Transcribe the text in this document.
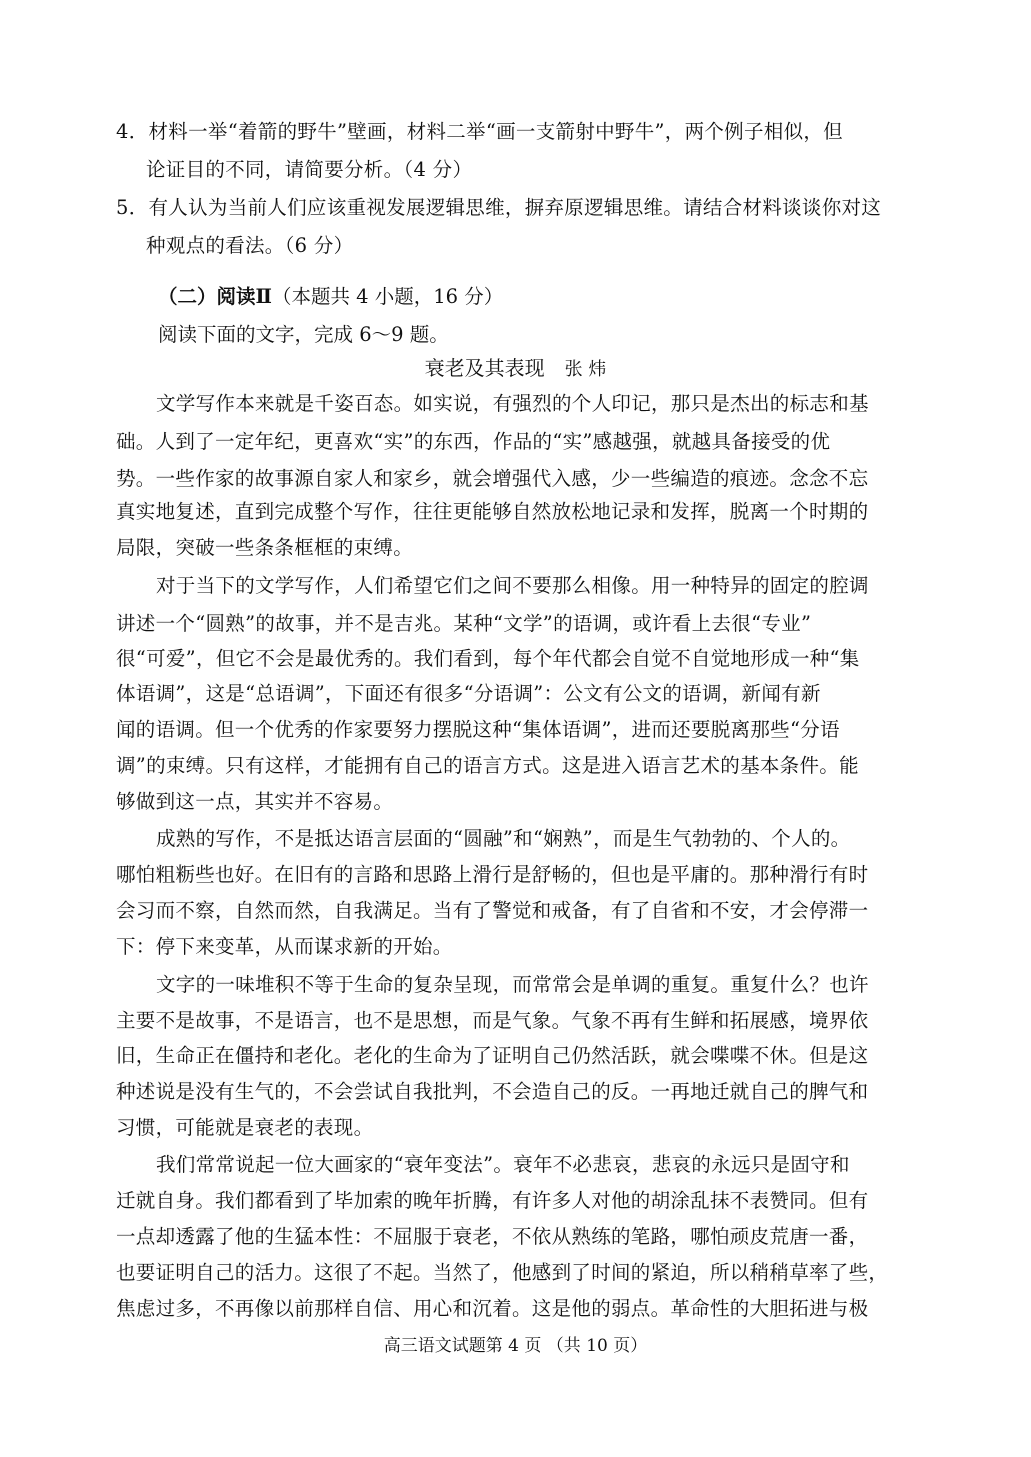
4．材料一举“着箭的野牛”壁画，材料二举“画一支箭射中野牛”，两个例子相似，但
论证目的不同，请简要分析。（4 分）
5．有人认为当前人们应该重视发展逻辑思维，摒弃原逻辑思维。请结合材料谈谈你对这
种观点的看法。（6 分）
（二）阅读Ⅱ（本题共 4 小题，16 分）
阅读下面的文字，完成 6～9 题。
衰老及其表现 张 炜
文学写作本来就是千姿百态。如实说，有强烈的个人印记，那只是杰出的标志和基
础。人到了一定年纪，更喜欢“实”的东西，作品的“实”感越强，就越具备接受的优
势。一些作家的故事源自家人和家乡，就会增强代入感，少一些编造的痕迹。念念不忘
真实地复述，直到完成整个写作，往往更能够自然放松地记录和发挥，脱离一个时期的
局限，突破一些条条框框的束缚。
对于当下的文学写作，人们希望它们之间不要那么相像。用一种特异的固定的腔调
讲述一个“圆熟”的故事，并不是吉兆。某种“文学”的语调，或许看上去很“专业”
很“可爱”，但它不会是最优秀的。我们看到，每个年代都会自觉不自觉地形成一种“集
体语调”，这是“总语调”，下面还有很多“分语调”：公文有公文的语调，新闻有新
闻的语调。但一个优秀的作家要努力摆脱这种“集体语调”，进而还要脱离那些“分语
调”的束缚。只有这样，才能拥有自己的语言方式。这是进入语言艺术的基本条件。能
够做到这一点，其实并不容易。
成熟的写作，不是抵达语言层面的“圆融”和“娴熟”，而是生气勃勃的、个人的。
哪怕粗粝些也好。在旧有的言路和思路上滑行是舒畅的，但也是平庸的。那种滑行有时
会习而不察，自然而然，自我满足。当有了警觉和戒备，有了自省和不安，才会停滞一
下：停下来变革，从而谋求新的开始。
文字的一味堆积不等于生命的复杂呈现，而常常会是单调的重复。重复什么？也许
主要不是故事，不是语言，也不是思想，而是气象。气象不再有生鲜和拓展感，境界依
旧，生命正在僵持和老化。老化的生命为了证明自己仍然活跃，就会喋喋不休。但是这
种述说是没有生气的，不会尝试自我批判，不会造自己的反。一再地迁就自己的脾气和
习惯，可能就是衰老的表现。
我们常常说起一位大画家的“衰年变法”。衰年不必悲哀，悲哀的永远只是固守和
迁就自身。我们都看到了毕加索的晚年折腾，有许多人对他的胡涂乱抹不表赞同。但有
一点却透露了他的生猛本性：不屈服于衰老，不依从熟练的笔路，哪怕顽皮荒唐一番，
也要证明自己的活力。这很了不起。当然了，他感到了时间的紧迫，所以稍稍草率了些，
焦虑过多，不再像以前那样自信、用心和沉着。这是他的弱点。革命性的大胆拓进与极
高三语文试题第 4 页 （共 10 页）
